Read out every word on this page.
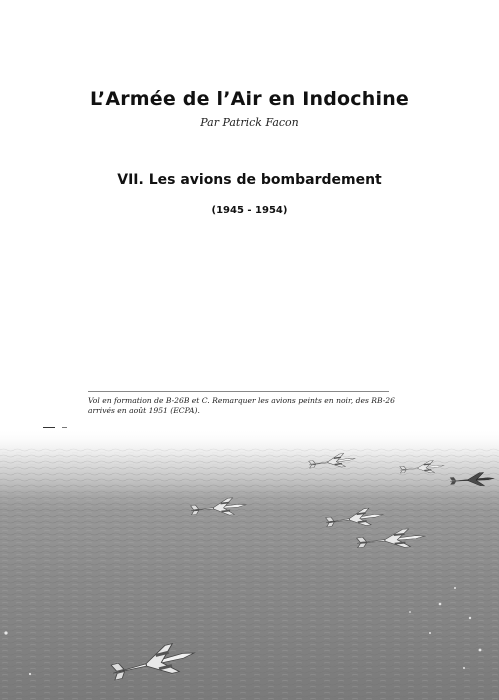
L’Armée de l’Air en Indochine
Par Patrick Facon
VII. Les avions de bombardement
(1945 - 1954)
Vol en formation de B-26B et C. Remarquer les avions peints en noir, des RB-26
arrivés en août 1951 (ECPA).
